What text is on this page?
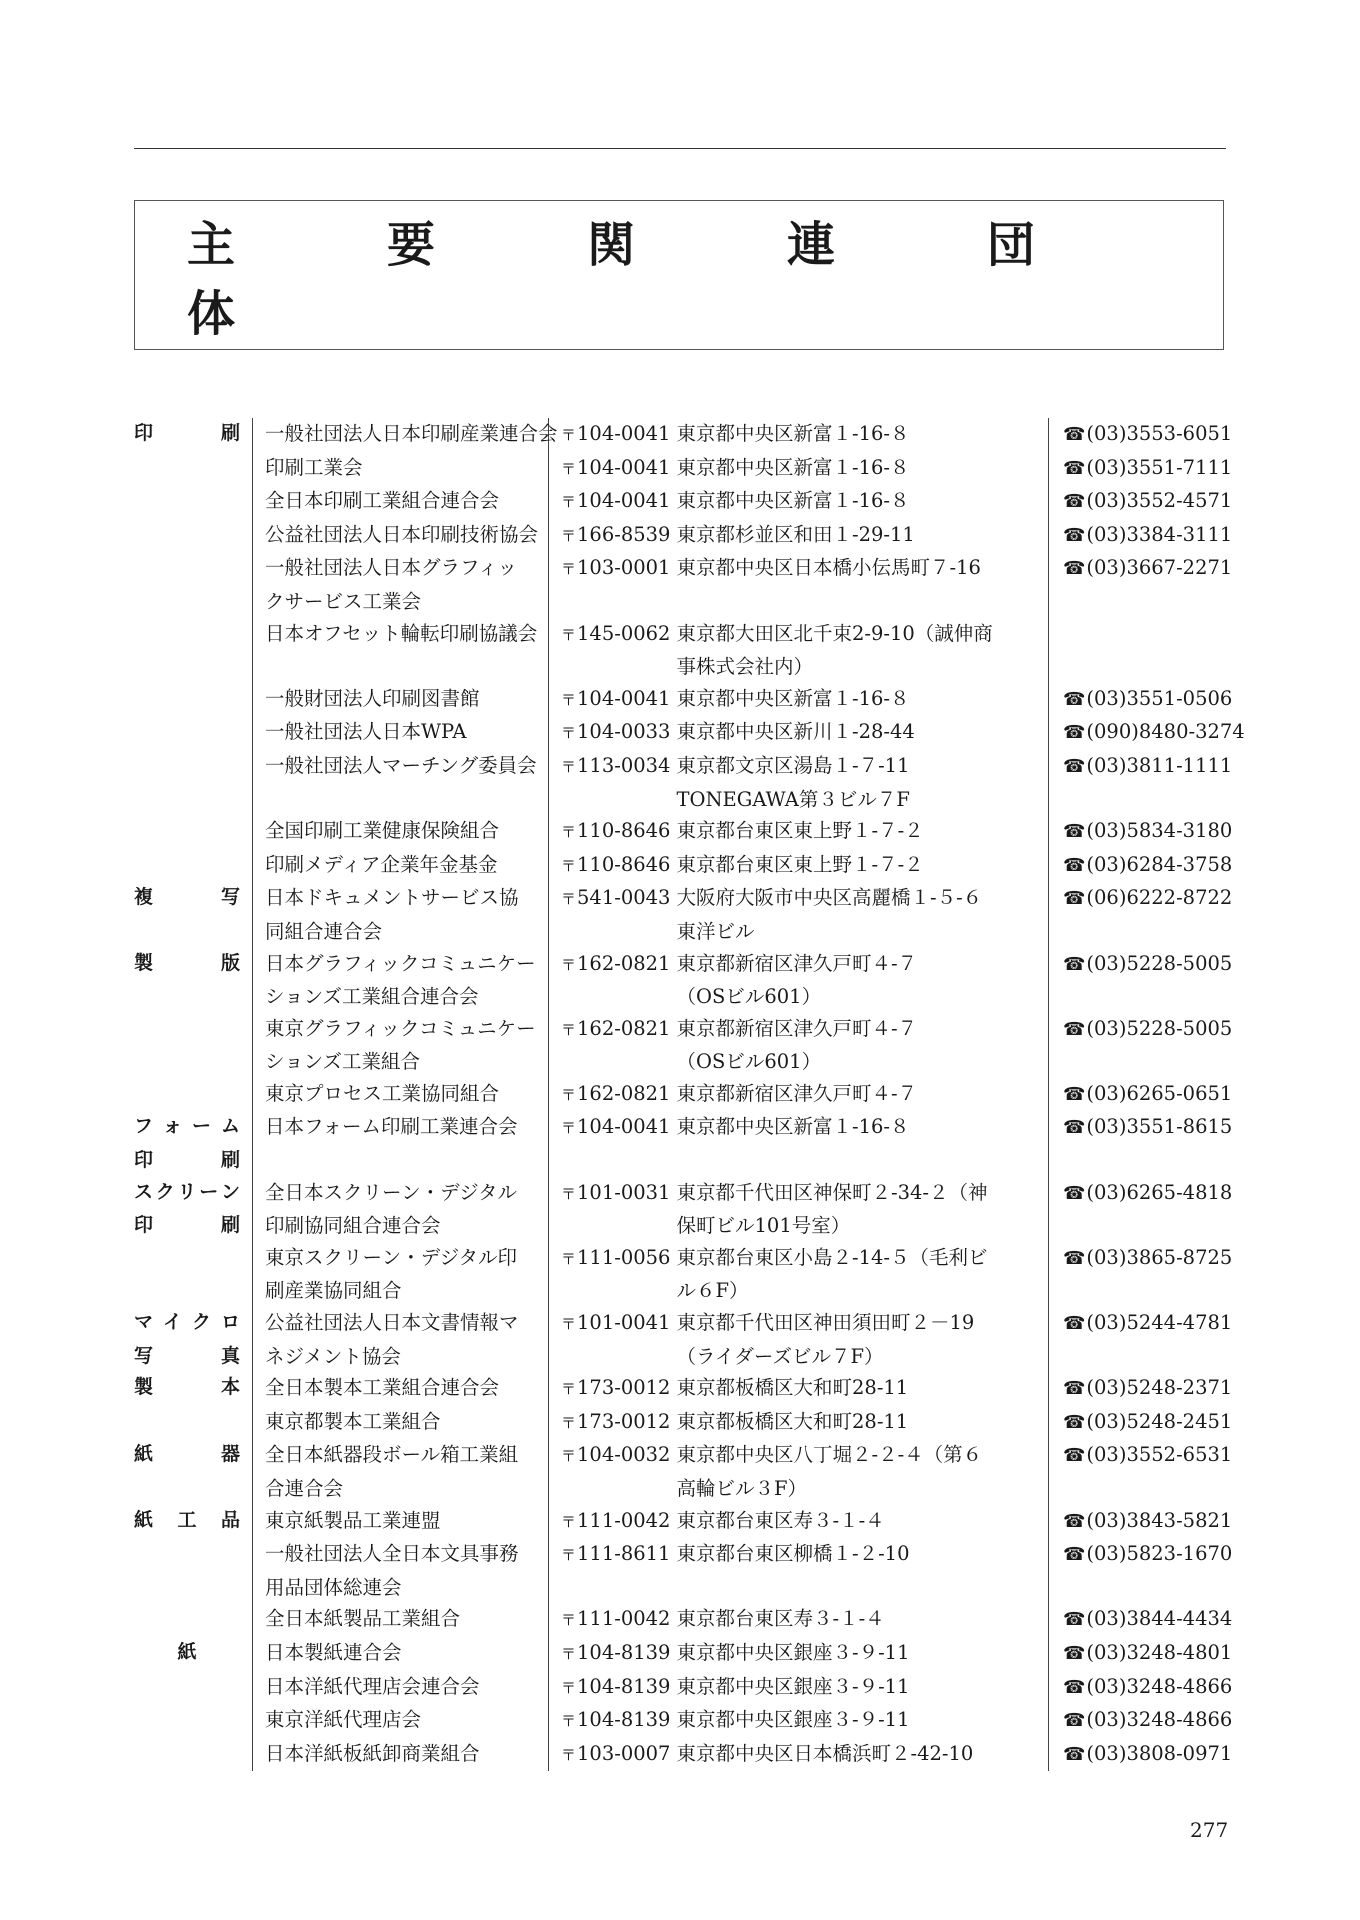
主　要　関　連　団　体
印 刷	一般社団法人日本印刷産業連合会	〒104-0041	東京都中央区新富１-16-８	☎(03)3553-6051
	印刷工業会	〒104-0041	東京都中央区新富１-16-８	☎(03)3551-7111
	全日本印刷工業組合連合会	〒104-0041	東京都中央区新富１-16-８	☎(03)3552-4571
	公益社団法人日本印刷技術協会	〒166-8539	東京都杉並区和田１-29-11	☎(03)3384-3111
	一般社団法人日本グラフィッ	〒103-0001	東京都中央区日本橋小伝馬町７-16	☎(03)3667-2271
	クサービス工業会			
	日本オフセット輪転印刷協議会	〒145-0062	東京都大田区北千束2-9-10（誠伸商	
			事株式会社内）	
	一般財団法人印刷図書館	〒104-0041	東京都中央区新富１-16-８	☎(03)3551-0506
	一般社団法人日本WPA	〒104-0033	東京都中央区新川１-28-44	☎(090)8480-3274
	一般社団法人マーチング委員会	〒113-0034	東京都文京区湯島１-７-11	☎(03)3811-1111
			TONEGAWA第３ビル７F	
	全国印刷工業健康保険組合	〒110-8646	東京都台東区東上野１-７-２	☎(03)5834-3180
	印刷メディア企業年金基金	〒110-8646	東京都台東区東上野１-７-２	☎(03)6284-3758

複 写	日本ドキュメントサービス協	〒541-0043	大阪府大阪市中央区高麗橋１-５-６	☎(06)6222-8722
	同組合連合会		東洋ビル	

製 版	日本グラフィックコミュニケー	〒162-0821	東京都新宿区津久戸町４-７	☎(03)5228-5005
	ションズ工業組合連合会		（OSビル601）	
	東京グラフィックコミュニケー	〒162-0821	東京都新宿区津久戸町４-７	☎(03)5228-5005
	ションズ工業組合		（OSビル601）	
	東京プロセス工業協同組合	〒162-0821	東京都新宿区津久戸町４-７	☎(03)6265-0651

フ ォ ー ム	日本フォーム印刷工業連合会	〒104-0041	東京都中央区新富１-16-８	☎(03)3551-8615

印 刷				

ス ク リ ー ン	全日本スクリーン・デジタル	〒101-0031	東京都千代田区神保町２-34-２（神	☎(03)6265-4818

印 刷	印刷協同組合連合会		保町ビル101号室）	
	東京スクリーン・デジタル印	〒111-0056	東京都台東区小島２-14-５（毛利ビ	☎(03)3865-8725
	刷産業協同組合		ル６F）	

マ イ ク ロ	公益社団法人日本文書情報マ	〒101-0041	東京都千代田区神田須田町２－19	☎(03)5244-4781

写 真	ネジメント協会		（ライダーズビル７F）	

製 本	全日本製本工業組合連合会	〒173-0012	東京都板橋区大和町28-11	☎(03)5248-2371
	東京都製本工業組合	〒173-0012	東京都板橋区大和町28-11	☎(03)5248-2451

紙 器	全日本紙器段ボール箱工業組	〒104-0032	東京都中央区八丁堀２-２-４（第６	☎(03)3552-6531
	合連合会		高輪ビル３F）	

紙 工 品	東京紙製品工業連盟	〒111-0042	東京都台東区寿３-１-４	☎(03)3843-5821
	一般社団法人全日本文具事務	〒111-8611	東京都台東区柳橋１-２-10	☎(03)5823-1670
	用品団体総連会			
	全日本紙製品工業組合	〒111-0042	東京都台東区寿３-１-４	☎(03)3844-4434

紙	日本製紙連合会	〒104-8139	東京都中央区銀座３-９-11	☎(03)3248-4801
	日本洋紙代理店会連合会	〒104-8139	東京都中央区銀座３-９-11	☎(03)3248-4866
	東京洋紙代理店会	〒104-8139	東京都中央区銀座３-９-11	☎(03)3248-4866
	日本洋紙板紙卸商業組合	〒103-0007	東京都中央区日本橋浜町２-42-10	☎(03)3808-0971
277
